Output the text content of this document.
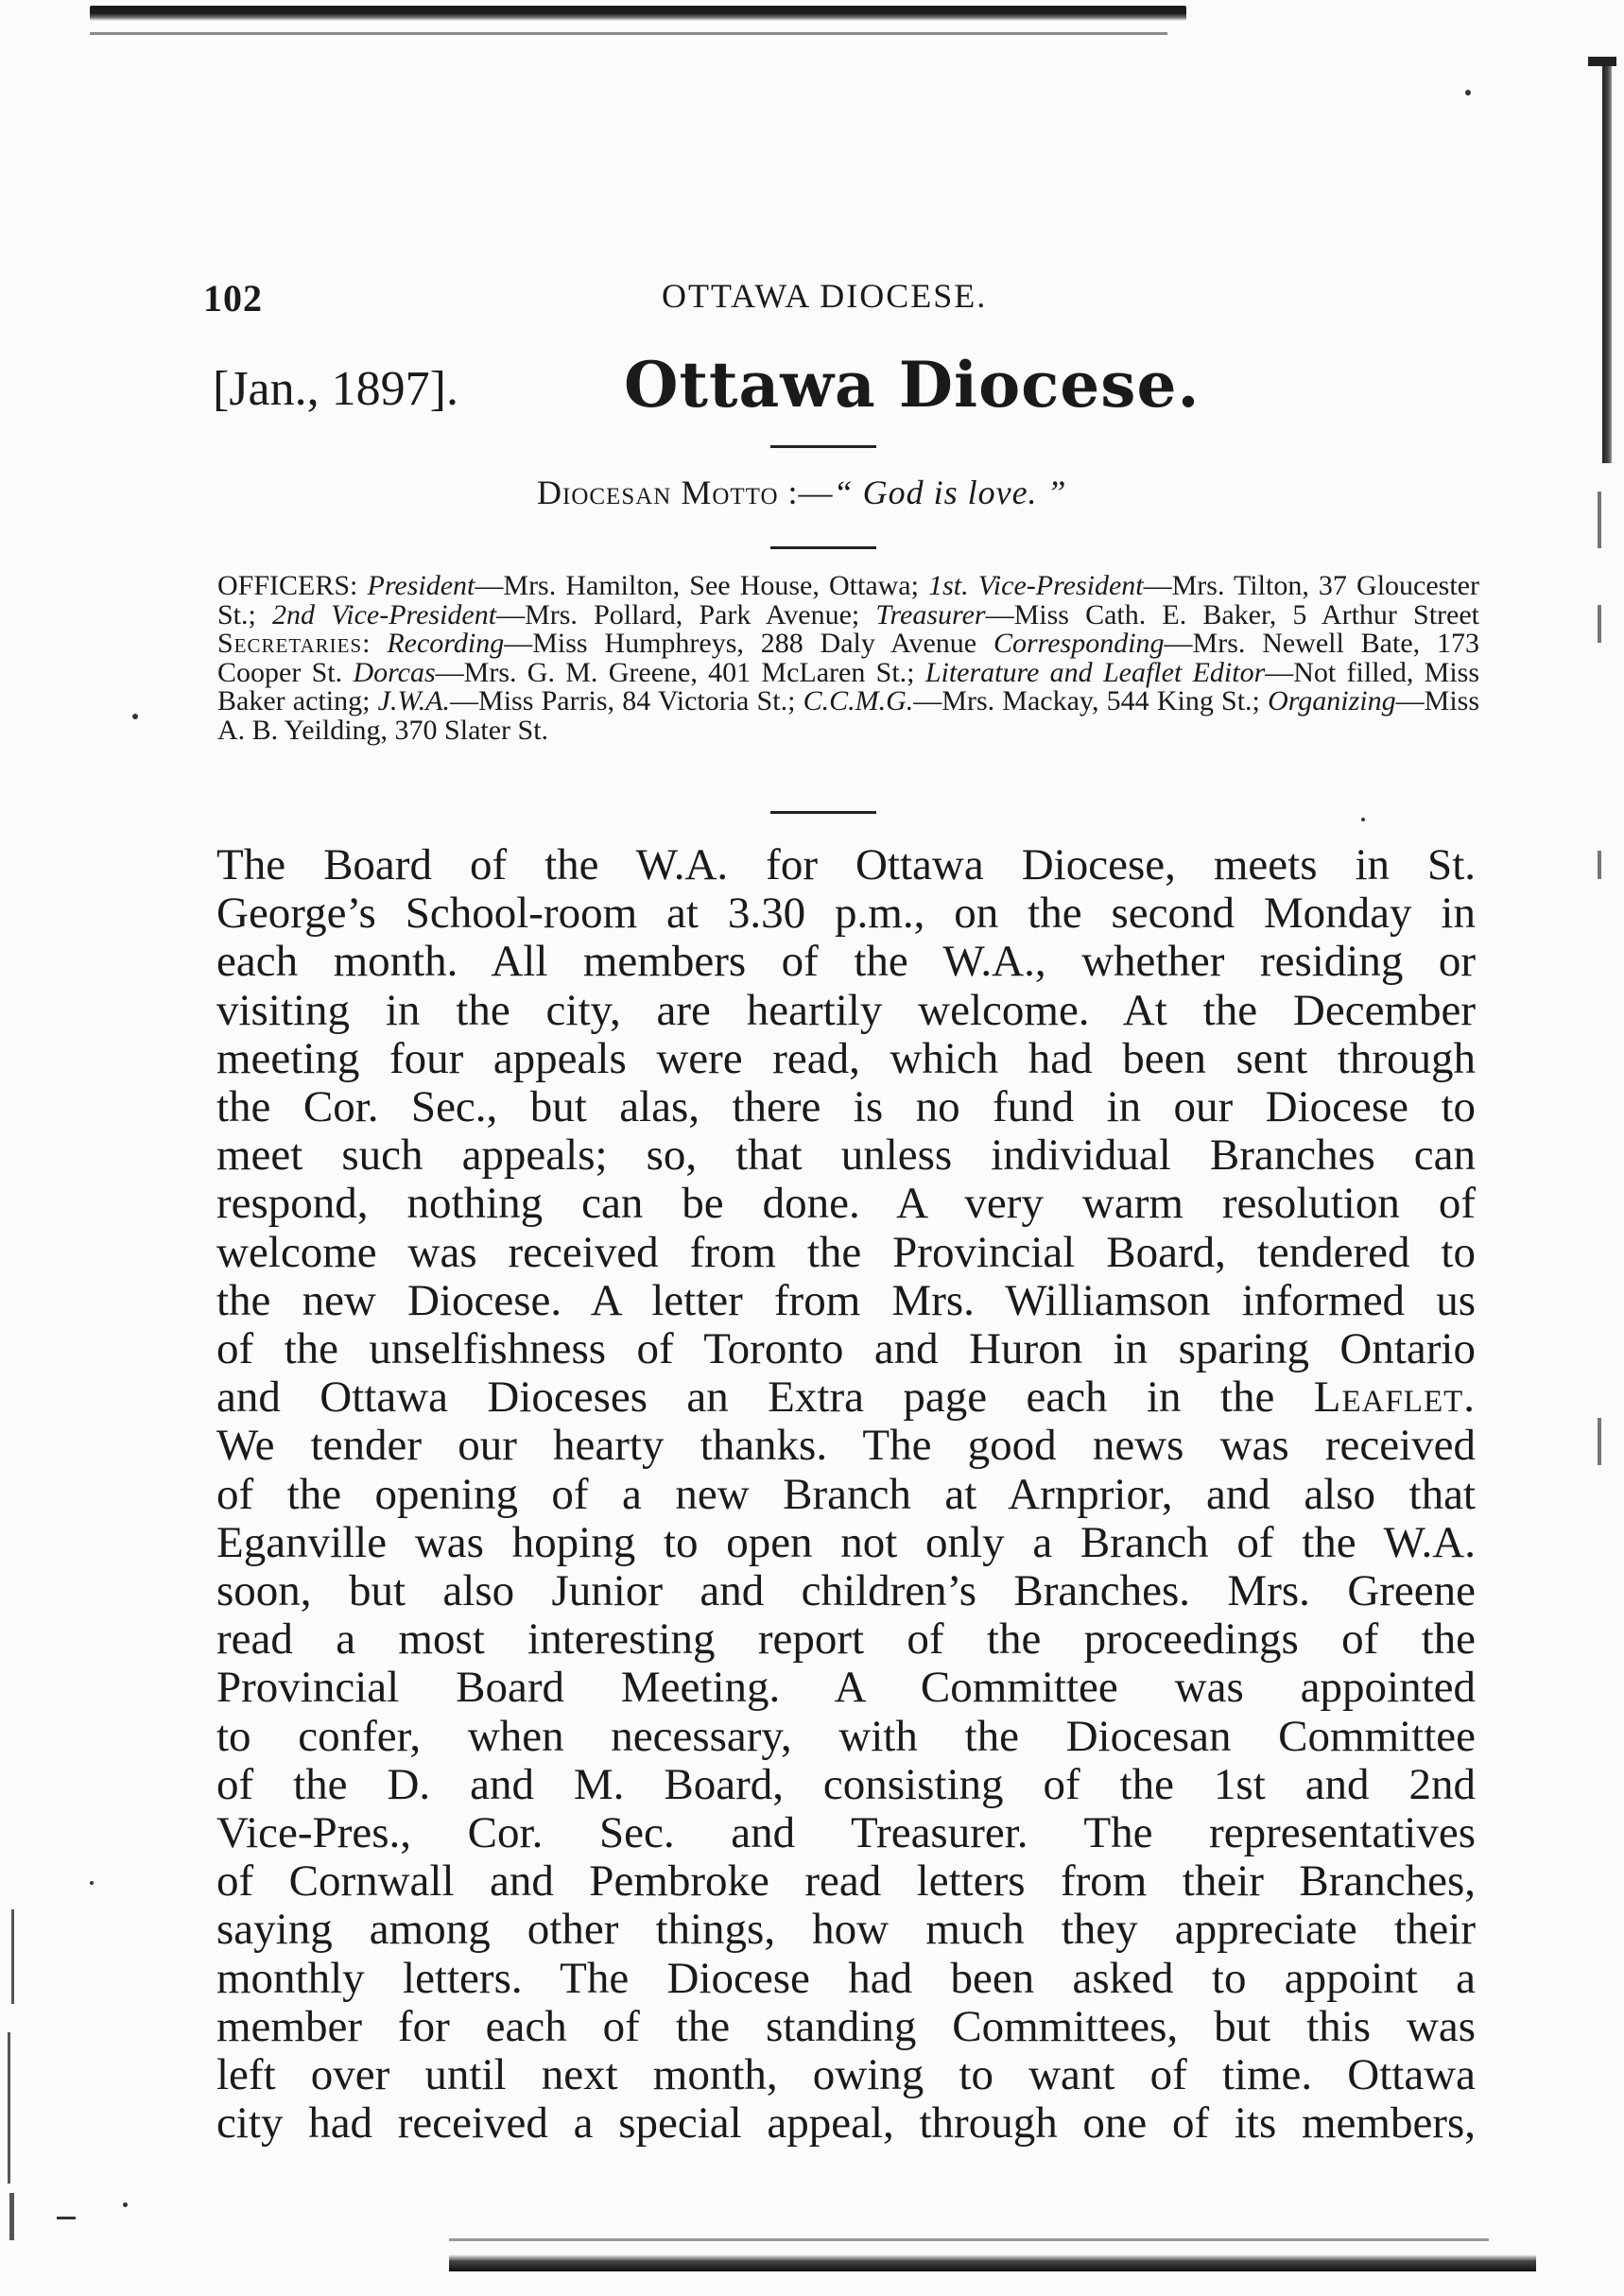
102	OTTAWA DIOCESE.
[Jan., 1897].	Ottawa Diocese.
Diocesan Motto :—“ God is love. ”
OFFICERS: President—Mrs. Hamilton, See House, Ottawa; 1st. Vice-President—Mrs. Tilton, 37 Gloucester St.; 2nd Vice-President—Mrs. Pollard, Park Avenue; Treasurer—Miss Cath. E. Baker, 5 Arthur Street Secretaries: Recording—Miss Humphreys, 288 Daly Avenue Corresponding—Mrs. Newell Bate, 173 Cooper St. Dorcas—Mrs. G. M. Greene, 401 McLaren St.; Literature and Leaflet Editor—Not filled, Miss Baker acting; J.W.A.—Miss Parris, 84 Victoria St.; C.C.M.G.—Mrs. Mackay, 544 King St.; Organizing—Miss A. B. Yeilding, 370 Slater St.
The Board of the W.A. for Ottawa Diocese, meets in St.
George’s School-room at 3.30 p.m., on the second Monday in
each month. All members of the W.A., whether residing or
visiting in the city, are heartily welcome. At the December
meeting four appeals were read, which had been sent through
the Cor. Sec., but alas, there is no fund in our Diocese to
meet such appeals; so, that unless individual Branches can
respond, nothing can be done. A very warm resolution of
welcome was received from the Provincial Board, tendered to
the new Diocese. A letter from Mrs. Williamson informed us
of the unselfishness of Toronto and Huron in sparing Ontario
and Ottawa Dioceses an Extra page each in the Leaflet.
We tender our hearty thanks. The good news was received
of the opening of a new Branch at Arnprior, and also that
Eganville was hoping to open not only a Branch of the W.A.
soon, but also Junior and children’s Branches. Mrs. Greene
read a most interesting report of the proceedings of the
Provincial Board Meeting. A Committee was appointed
to confer, when necessary, with the Diocesan Committee
of the D. and M. Board, consisting of the 1st and 2nd
Vice-Pres., Cor. Sec. and Treasurer. The representatives
of Cornwall and Pembroke read letters from their Branches,
saying among other things, how much they appreciate their
monthly letters. The Diocese had been asked to appoint a
member for each of the standing Committees, but this was
left over until next month, owing to want of time. Ottawa
city had received a special appeal, through one of its members,
